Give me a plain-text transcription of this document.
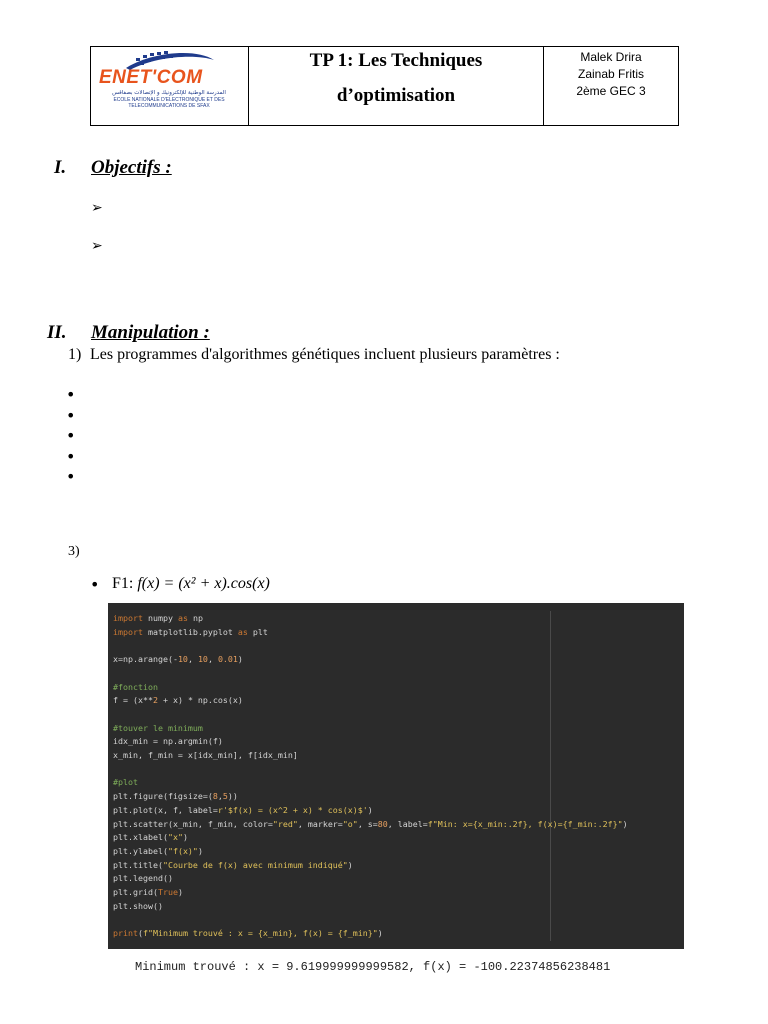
ENET'COM
المدرسة الوطنية للإلكترونيك و الإتصالات بصفاقس
ECOLE NATIONALE D'ELECTRONIQUE ET DES TELECOMMUNICATIONS DE SFAX
TP 1: Les Techniques
d’optimisation
Malek Drira
Zainab Fritis
2ème GEC 3
I. Objectifs :
➢
➢
II. Manipulation :
1) Les programmes d'algorithmes génétiques incluent plusieurs paramètres :
•
•
•
•
•
3)
• F1: f(x) = (x² + x).cos(x)
import numpy as np
import matplotlib.pyplot as plt

x=np.arange(-10, 10, 0.01)

#fonction
f = (x**2 + x) * np.cos(x)

#touver le minimum
idx_min = np.argmin(f)
x_min, f_min = x[idx_min], f[idx_min]

#plot
plt.figure(figsize=(8,5))
plt.plot(x, f, label=r'$f(x) = (x^2 + x) * cos(x)$')
plt.scatter(x_min, f_min, color="red", marker="o", s=80, label=f"Min: x={x_min:.2f}, f(x)={f_min:.2f}")
plt.xlabel("x")
plt.ylabel("f(x)")
plt.title("Courbe de f(x) avec minimum indiqué")
plt.legend()
plt.grid(True)
plt.show()

print(f"Minimum trouvé : x = {x_min}, f(x) = {f_min}")
Minimum trouvé : x = 9.619999999999582, f(x) = -100.22374856238481
